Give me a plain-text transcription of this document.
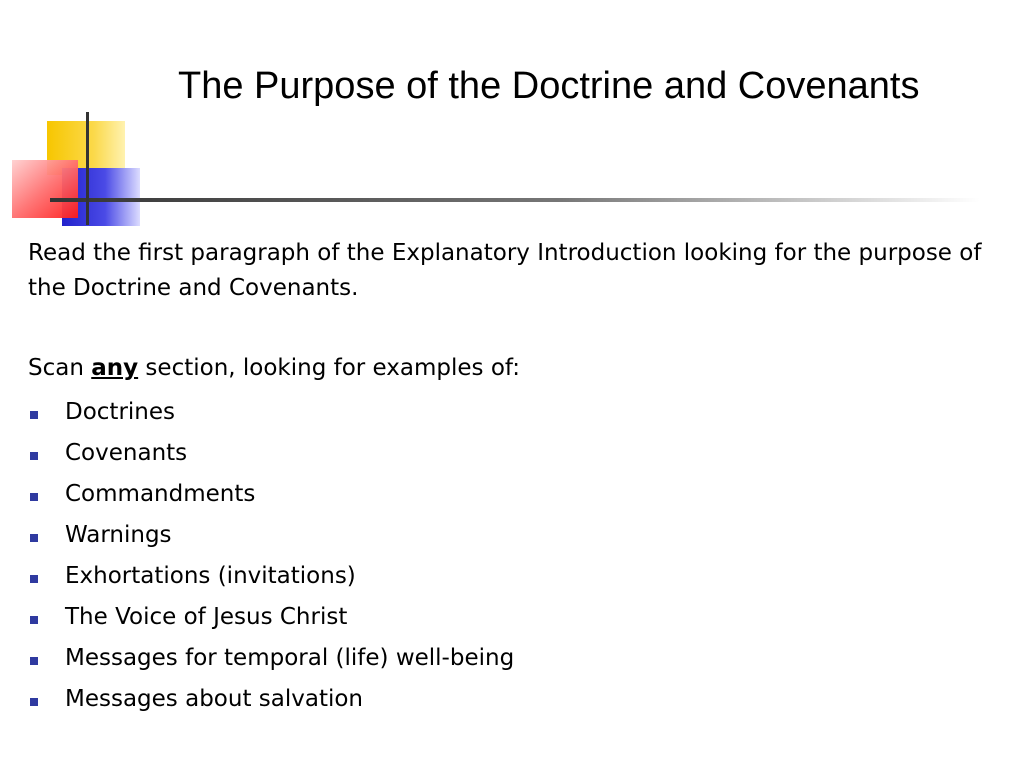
The Purpose of the Doctrine and Covenants

Read the first paragraph of the Explanatory Introduction looking for the purpose of the Doctrine and Covenants.

Scan any section, looking for examples of:

Doctrines
Covenants
Commandments
Warnings
Exhortations (invitations)
The Voice of Jesus Christ
Messages for temporal (life) well-being
Messages about salvation
